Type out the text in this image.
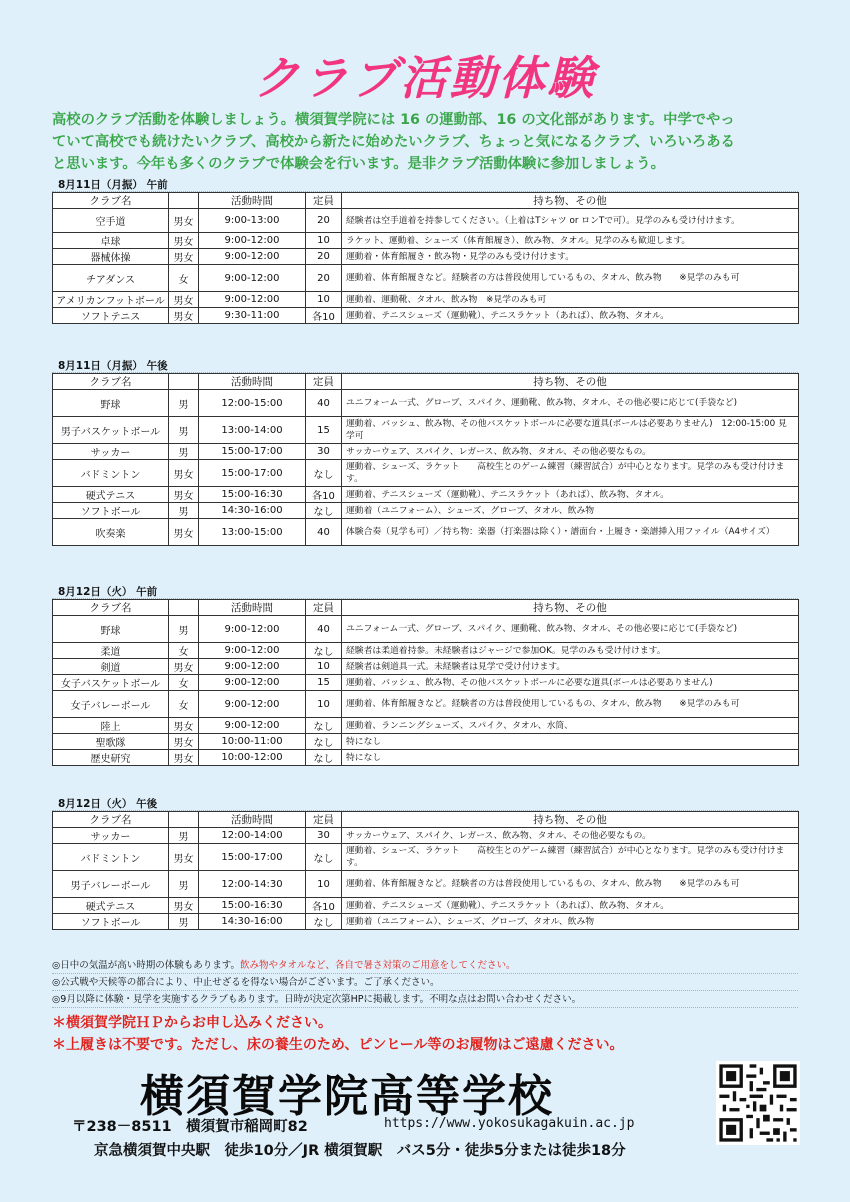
クラブ活動体験
高校のクラブ活動を体験しましょう。横須賀学院には 16 の運動部、16 の文化部があります。中学でやっ
ていて高校でも続けたいクラブ、高校から新たに始めたいクラブ、ちょっと気になるクラブ、いろいろある
と思います。今年も多くのクラブで体験会を行います。是非クラブ活動体験に参加しましょう。
8月11日（月振） 午前
クラブ名		活動時間	定員	持ち物、その他
空手道	男女	9:00-13:00	20	経験者は空手道着を持参してください。（上着はTシャツ or ロンTで可）。見学のみも受け付けます。
卓球	男女	9:00-12:00	10	ラケット、運動着、シューズ（体育館履き）、飲み物、タオル。見学のみも歓迎します。
器械体操	男女	9:00-12:00	20	運動着・体育館履き・飲み物・見学のみも受け付けます。
チアダンス	女	9:00-12:00	20	運動着、体育館履きなど。経験者の方は普段使用しているもの、タオル、飲み物　　※見学のみも可
アメリカンフットボール	男女	9:00-12:00	10	運動着、運動靴、タオル、飲み物　※見学のみも可
ソフトテニス	男女	9:30-11:00	各10	運動着、テニスシューズ（運動靴）、テニスラケット（あれば）、飲み物、タオル。
8月11日（月振） 午後
クラブ名		活動時間	定員	持ち物、その他
野球	男	12:00-15:00	40	ユニフォーム一式、グローブ、スパイク、運動靴、飲み物、タオル、その他必要に応じて(手袋など)
男子バスケットボール	男	13:00-14:00	15	運動着、バッシュ、飲み物、その他バスケットボールに必要な道具(ボールは必要ありません)　12:00-15:00 見学可
サッカー	男	15:00-17:00	30	サッカーウェア、スパイク、レガース、飲み物、タオル、その他必要なもの。
バドミントン	男女	15:00-17:00	なし	運動着、シューズ、ラケット　　高校生とのゲーム練習（練習試合）が中心となります。見学のみも受け付けます。
硬式テニス	男女	15:00-16:30	各10	運動着、テニスシューズ（運動靴）、テニスラケット（あれば）、飲み物、タオル。
ソフトボール	男	14:30-16:00	なし	運動着（ユニフォーム）、シューズ、グローブ、タオル、飲み物
吹奏楽	男女	13:00-15:00	40	体験合奏（見学も可）／持ち物：楽器（打楽器は除く）・譜面台・上履き・楽譜挿入用ファイル（A4サイズ）
8月12日（火） 午前
クラブ名		活動時間	定員	持ち物、その他
野球	男	9:00-12:00	40	ユニフォーム一式、グローブ、スパイク、運動靴、飲み物、タオル、その他必要に応じて(手袋など)
柔道	女	9:00-12:00	なし	経験者は柔道着持参。未経験者はジャージで参加OK。見学のみも受け付けます。
剣道	男女	9:00-12:00	10	経験者は剣道具一式。未経験者は見学で受け付けます。
女子バスケットボール	女	9:00-12:00	15	運動着、バッシュ、飲み物、その他バスケットボールに必要な道具(ボールは必要ありません)
女子バレーボール	女	9:00-12:00	10	運動着、体育館履きなど。経験者の方は普段使用しているもの、タオル、飲み物　　※見学のみも可
陸上	男女	9:00-12:00	なし	運動着、ランニングシューズ、スパイク、タオル、水筒、
聖歌隊	男女	10:00-11:00	なし	特になし
歴史研究	男女	10:00-12:00	なし	特になし
8月12日（火） 午後
クラブ名		活動時間	定員	持ち物、その他
サッカー	男	12:00-14:00	30	サッカーウェア、スパイク、レガース、飲み物、タオル、その他必要なもの。
バドミントン	男女	15:00-17:00	なし	運動着、シューズ、ラケット　　高校生とのゲーム練習（練習試合）が中心となります。見学のみも受け付けます。
男子バレーボール	男	12:00-14:30	10	運動着、体育館履きなど。経験者の方は普段使用しているもの、タオル、飲み物　　※見学のみも可
硬式テニス	男女	15:00-16:30	各10	運動着、テニスシューズ（運動靴）、テニスラケット（あれば）、飲み物、タオル。
ソフトボール	男	14:30-16:00	なし	運動着（ユニフォーム）、シューズ、グローブ、タオル、飲み物
◎日中の気温が高い時期の体験もあります。飲み物やタオルなど、各自で暑さ対策のご用意をしてください。
◎公式戦や天候等の都合により、中止せざるを得ない場合がございます。ご了承ください。
◎9月以降に体験・見学を実施するクラブもあります。日時が決定次第HPに掲載します。不明な点はお問い合わせください。
＊横須賀学院ＨＰからお申し込みください。
＊上履きは不要です。ただし、床の養生のため、ピンヒール等のお履物はご遠慮ください。
横須賀学院高等学校
〒238－8511　横須賀市稲岡町82	https://www.yokosukagakuin.ac.jp
京急横須賀中央駅　徒歩10分／JR 横須賀駅　バス5分・徒歩5分または徒歩18分
